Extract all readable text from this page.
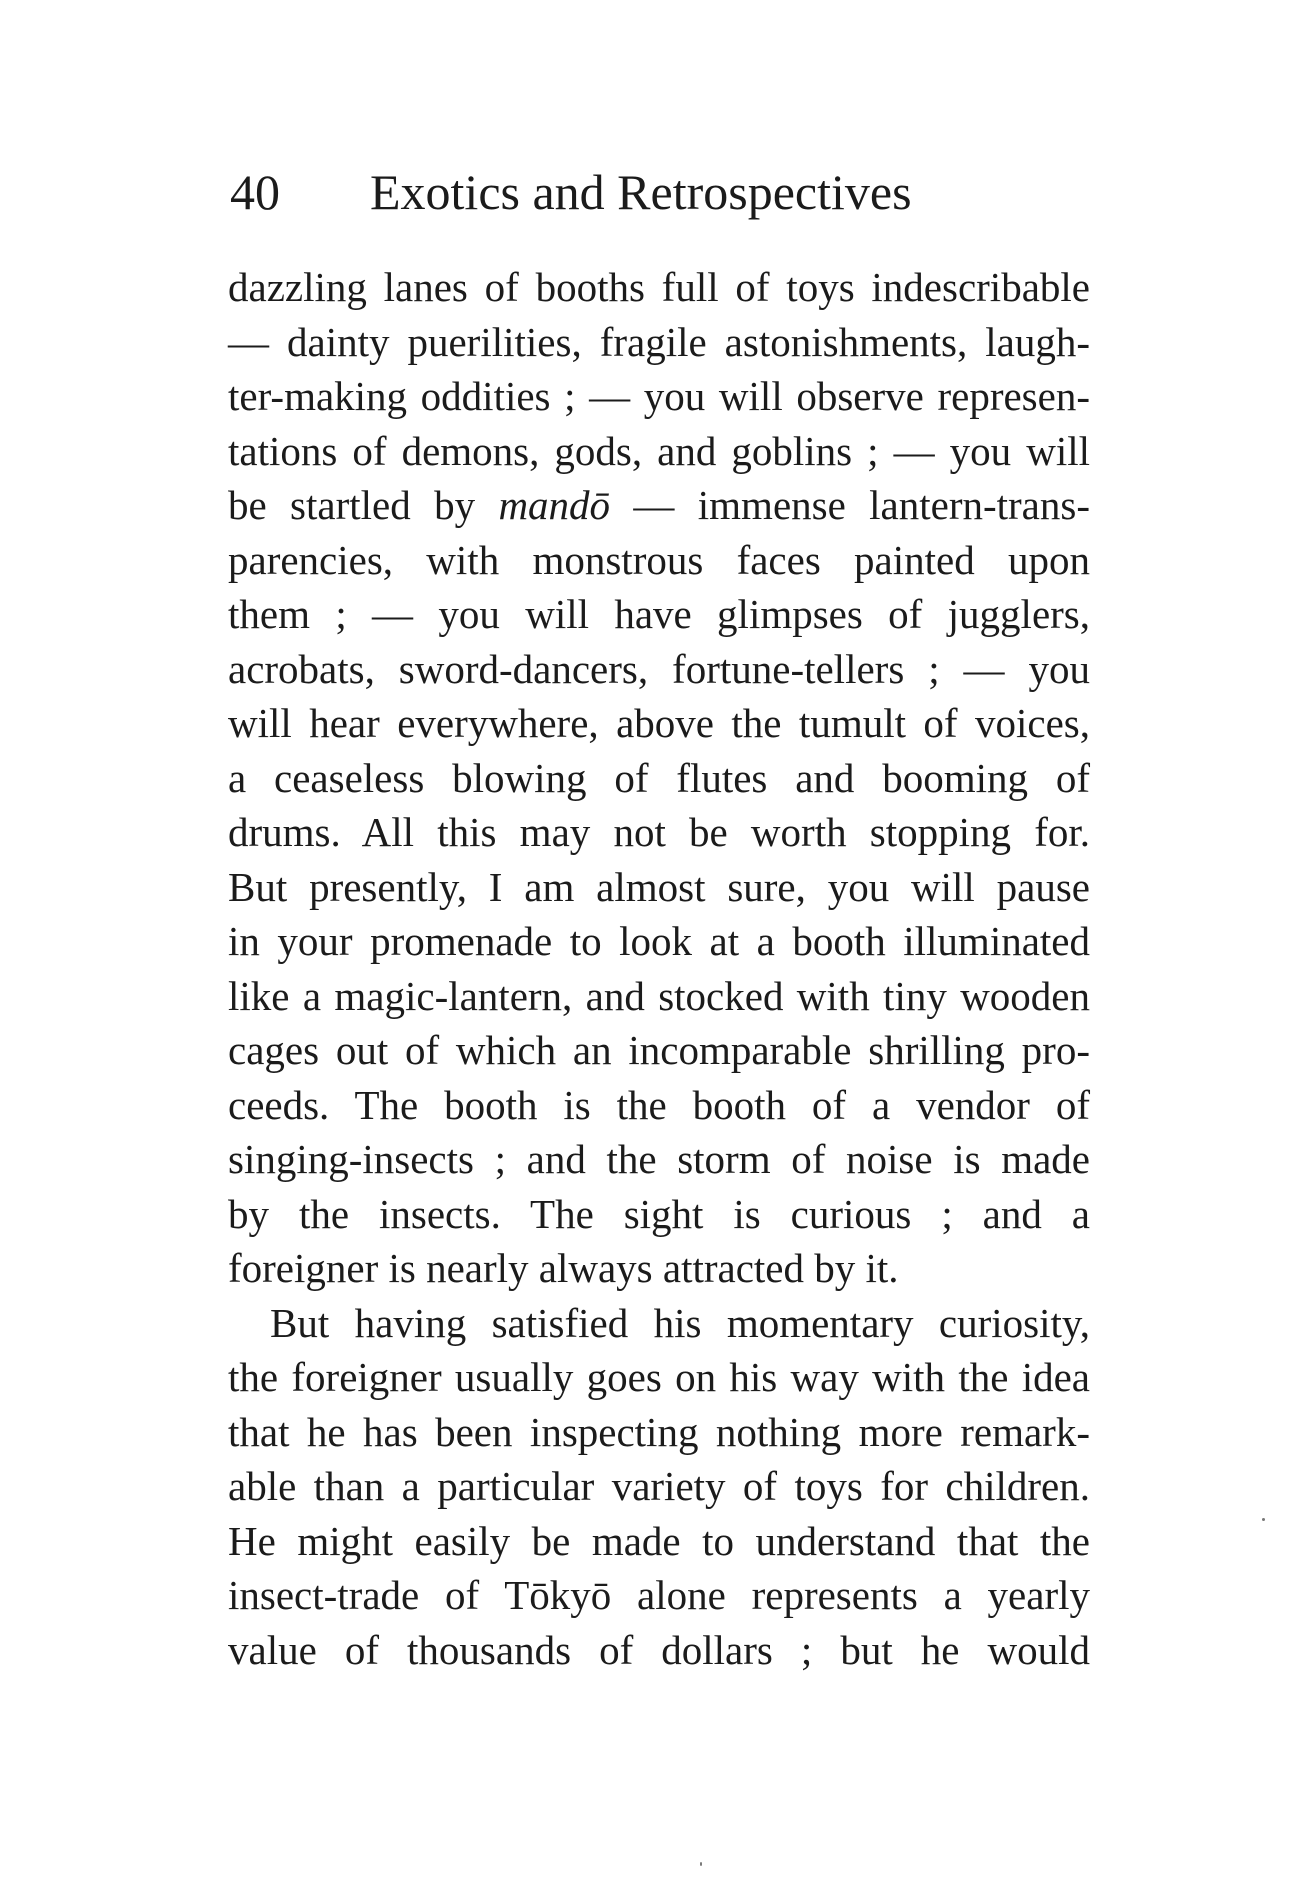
40 Exotics and Retrospectives
dazzling lanes of booths full of toys indescribable
— dainty puerilities, fragile astonishments, laugh-
ter-making oddities ; — you will observe represen-
tations of demons, gods, and goblins ; — you will
be startled by mandō — immense lantern-trans-
parencies, with monstrous faces painted upon
them ; — you will have glimpses of jugglers,
acrobats, sword-dancers, fortune-tellers ; — you
will hear everywhere, above the tumult of voices,
a ceaseless blowing of flutes and booming of
drums. All this may not be worth stopping for.
But presently, I am almost sure, you will pause
in your promenade to look at a booth illuminated
like a magic-lantern, and stocked with tiny wooden
cages out of which an incomparable shrilling pro-
ceeds. The booth is the booth of a vendor of
singing-insects ; and the storm of noise is made
by the insects. The sight is curious ; and a
foreigner is nearly always attracted by it.
But having satisfied his momentary curiosity,
the foreigner usually goes on his way with the idea
that he has been inspecting nothing more remark-
able than a particular variety of toys for children.
He might easily be made to understand that the
insect-trade of Tōkyō alone represents a yearly
value of thousands of dollars ; but he would
